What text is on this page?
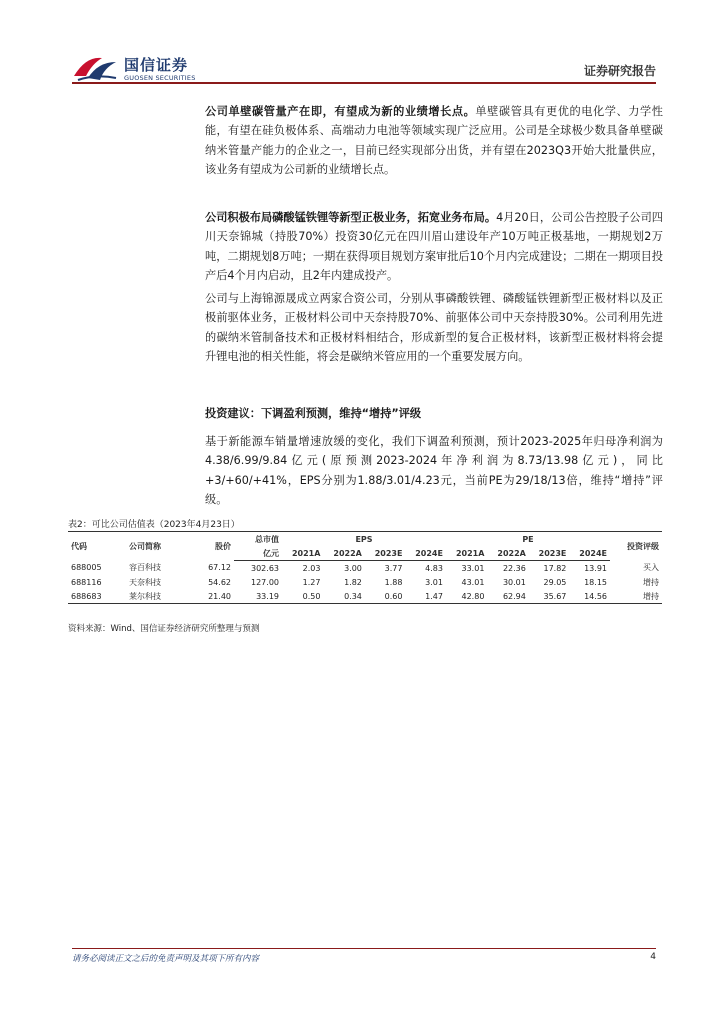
国信证券
GUOSEN SECURITIES	证券研究报告

公司单壁碳管量产在即，有望成为新的业绩增长点。单壁碳管具有更优的电化学、力学性能，有望在硅负极体系、高端动力电池等领域实现广泛应用。公司是全球极少数具备单壁碳纳米管量产能力的企业之一，目前已经实现部分出货，并有望在2023Q3开始大批量供应，该业务有望成为公司新的业绩增长点。

公司积极布局磷酸锰铁锂等新型正极业务，拓宽业务布局。4月20日，公司公告控股子公司四川天奈锦城（持股70%）投资30亿元在四川眉山建设年产10万吨正极基地，一期规划2万吨，二期规划8万吨；一期在获得项目规划方案审批后10个月内完成建设；二期在一期项目投产后4个月内启动，且2年内建成投产。

公司与上海锦源晟成立两家合资公司，分别从事磷酸铁锂、磷酸锰铁锂新型正极材料以及正极前驱体业务，正极材料公司中天奈持股70%、前驱体公司中天奈持股30%。公司利用先进的碳纳米管制备技术和正极材料相结合，形成新型的复合正极材料，该新型正极材料将会提升锂电池的相关性能，将会是碳纳米管应用的一个重要发展方向。

投资建议：下调盈利预测，维持“增持”评级

基于新能源车销量增速放缓的变化，我们下调盈利预测，预计2023-2025年归母净利润为4.38/6.99/9.84亿元(原预测2023-2024年净利润为8.73/13.98亿元)，同比+3/+60/+41%，EPS分别为1.88/3.01/4.23元，当前PE为29/18/13倍，维持“增持”评级。

表2：可比公司估值表（2023年4月23日）
代码	公司简称	股价	总市值	EPS				PE				投资评级
			亿元	2021A	2022A	2023E	2024E	2021A	2022A	2023E	2024E	
688005	容百科技	67.12	302.63	2.03	3.00	3.77	4.83	33.01	22.36	17.82	13.91	买入
688116	天奈科技	54.62	127.00	1.27	1.82	1.88	3.01	43.01	30.01	29.05	18.15	增持
688683	莱尔科技	21.40	33.19	0.50	0.34	0.60	1.47	42.80	62.94	35.67	14.56	增持
资料来源：Wind、国信证券经济研究所整理与预测
请务必阅读正文之后的免责声明及其项下所有内容	4
